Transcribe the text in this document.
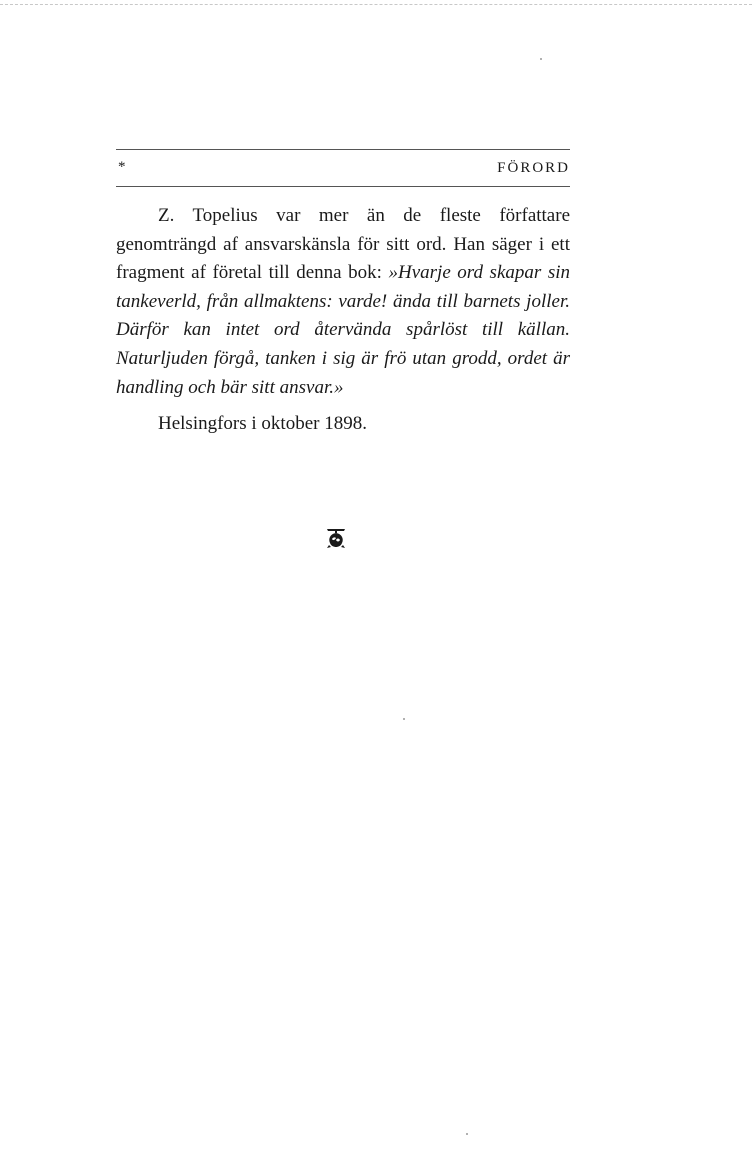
*	FÖRORD

Z. Topelius var mer än de fleste författare genomträngd af ansvarskänsla för sitt ord. Han säger i ett fragment af företal till denna bok: »Hvarje ord skapar sin tankeverld, från allmaktens: varde! ända till barnets joller. Därför kan intet ord återvända spårlöst till källan. Naturljuden förgå, tanken i sig är frö utan grodd, ordet är handling och bär sitt ansvar.»

Helsingfors i oktober 1898.
